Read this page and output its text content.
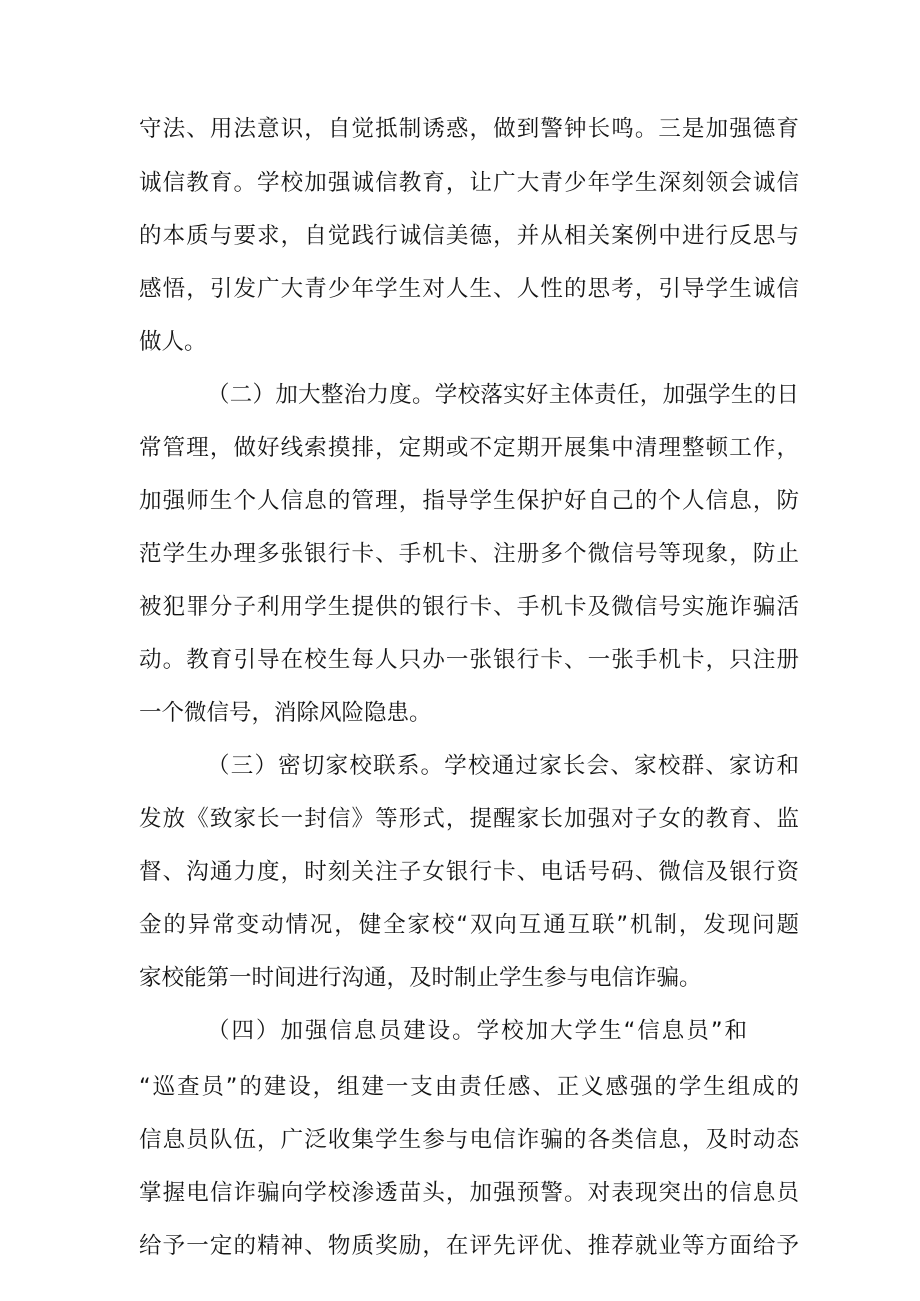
守法、用法意识，自觉抵制诱惑，做到警钟长鸣。三是加强德育
诚信教育。学校加强诚信教育，让广大青少年学生深刻领会诚信
的本质与要求，自觉践行诚信美德，并从相关案例中进行反思与
感悟，引发广大青少年学生对人生、人性的思考，引导学生诚信
做人。
（二）加大整治力度。学校落实好主体责任，加强学生的日
常管理，做好线索摸排，定期或不定期开展集中清理整顿工作，
加强师生个人信息的管理，指导学生保护好自己的个人信息，防
范学生办理多张银行卡、手机卡、注册多个微信号等现象，防止
被犯罪分子利用学生提供的银行卡、手机卡及微信号实施诈骗活
动。教育引导在校生每人只办一张银行卡、一张手机卡，只注册
一个微信号，消除风险隐患。
（三）密切家校联系。学校通过家长会、家校群、家访和
发放《致家长一封信》等形式，提醒家长加强对子女的教育、监
督、沟通力度，时刻关注子女银行卡、电话号码、微信及银行资
金的异常变动情况，健全家校“双向互通互联”机制，发现问题
家校能第一时间进行沟通，及时制止学生参与电信诈骗。
（四）加强信息员建设。学校加大学生“信息员”和
“巡查员”的建设，组建一支由责任感、正义感强的学生组成的
信息员队伍，广泛收集学生参与电信诈骗的各类信息，及时动态
掌握电信诈骗向学校渗透苗头，加强预警。对表现突出的信息员
给予一定的精神、物质奖励，在评先评优、推荐就业等方面给予
